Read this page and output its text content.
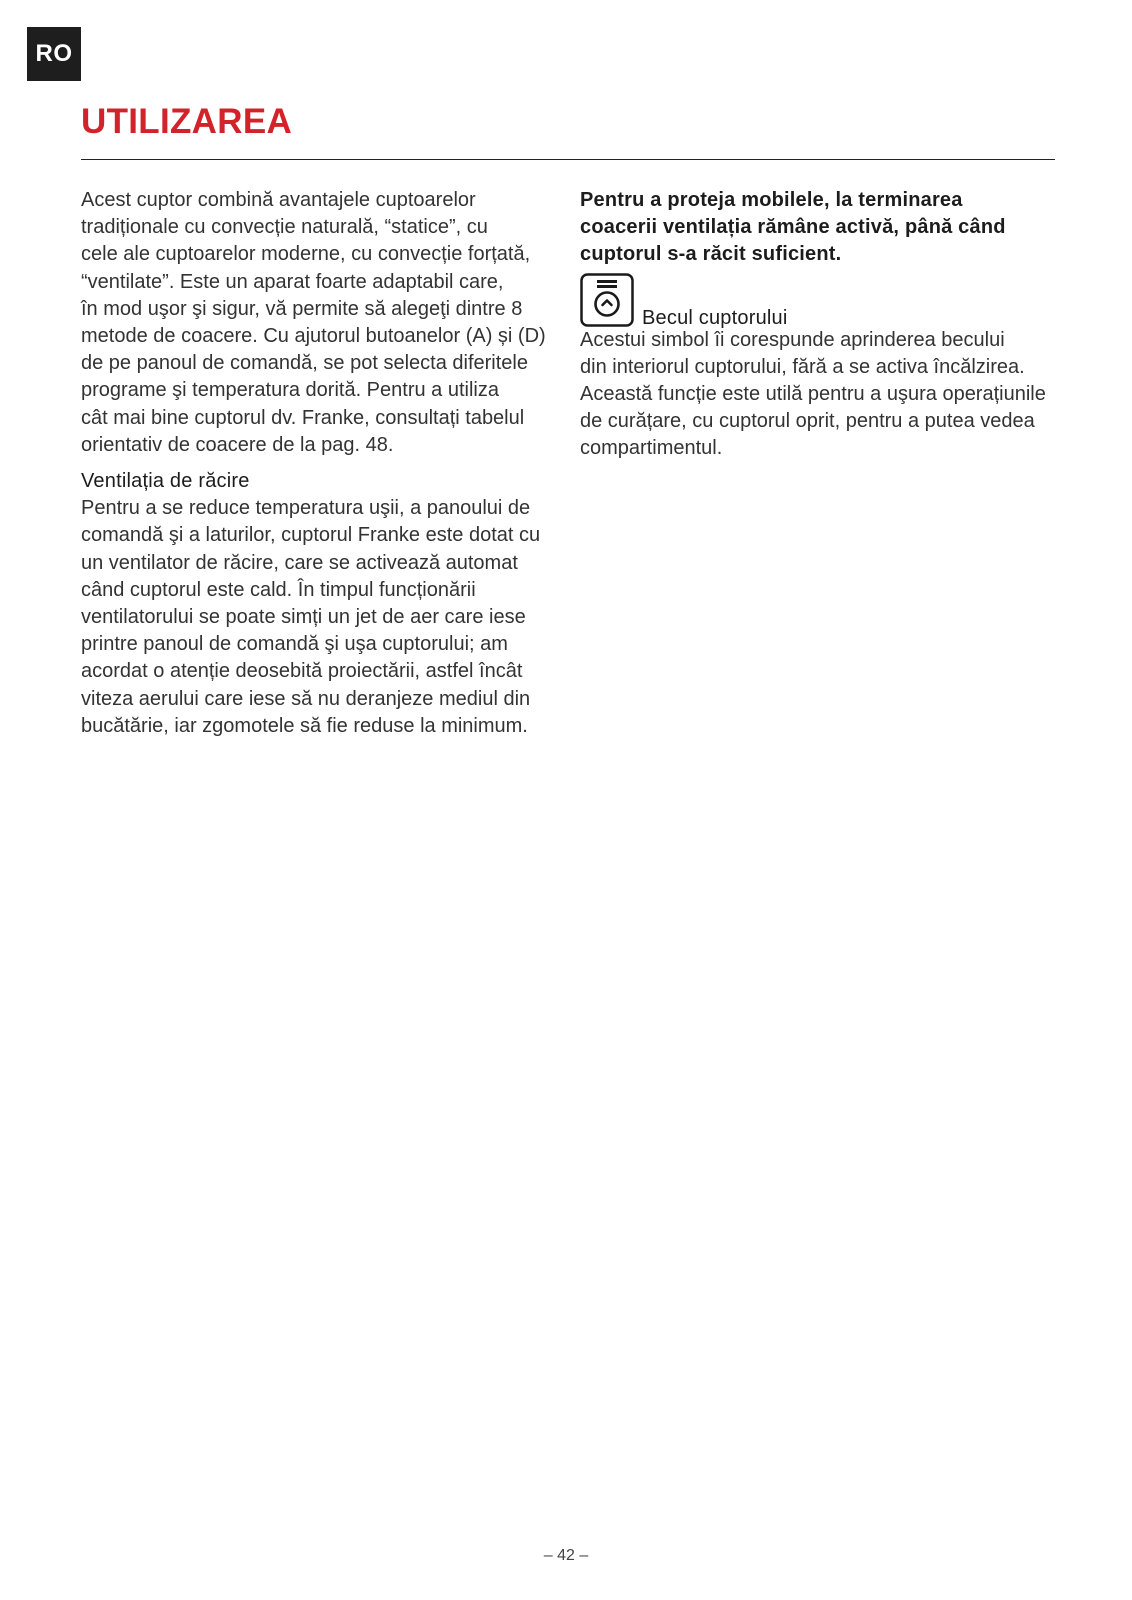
RO
UTILIZAREA

Acest cuptor combină avantajele cuptoarelor
tradiționale cu convecție naturală, “statice”, cu
cele ale cuptoarelor moderne, cu convecție forțată,
“ventilate”. Este un aparat foarte adaptabil care,
în mod uşor şi sigur, vă permite să alegeţi dintre 8
metode de coacere. Cu ajutorul butoanelor (A) și (D)
de pe panoul de comandă, se pot selecta diferitele
programe şi temperatura dorită. Pentru a utiliza
cât mai bine cuptorul dv. Franke, consultați tabelul
orientativ de coacere de la pag. 48.

Ventilația de răcire

Pentru a se reduce temperatura uşii, a panoului de
comandă şi a laturilor, cuptorul Franke este dotat cu
un ventilator de răcire, care se activează automat
când cuptorul este cald. În timpul funcționării
ventilatorului se poate simți un jet de aer care iese
printre panoul de comandă şi uşa cuptorului; am
acordat o atenție deosebită proiectării, astfel încât
viteza aerului care iese să nu deranjeze mediul din
bucătărie, iar zgomotele să fie reduse la minimum.

Pentru a proteja mobilele, la terminarea
coacerii ventilația rămâne activă, până când
cuptorul s-a răcit suficient.

Becul cuptorului

Acestui simbol îi corespunde aprinderea becului
din interiorul cuptorului, fără a se activa încălzirea.
Această funcție este utilă pentru a uşura operațiunile
de curățare, cu cuptorul oprit, pentru a putea vedea
compartimentul.

– 42 –
